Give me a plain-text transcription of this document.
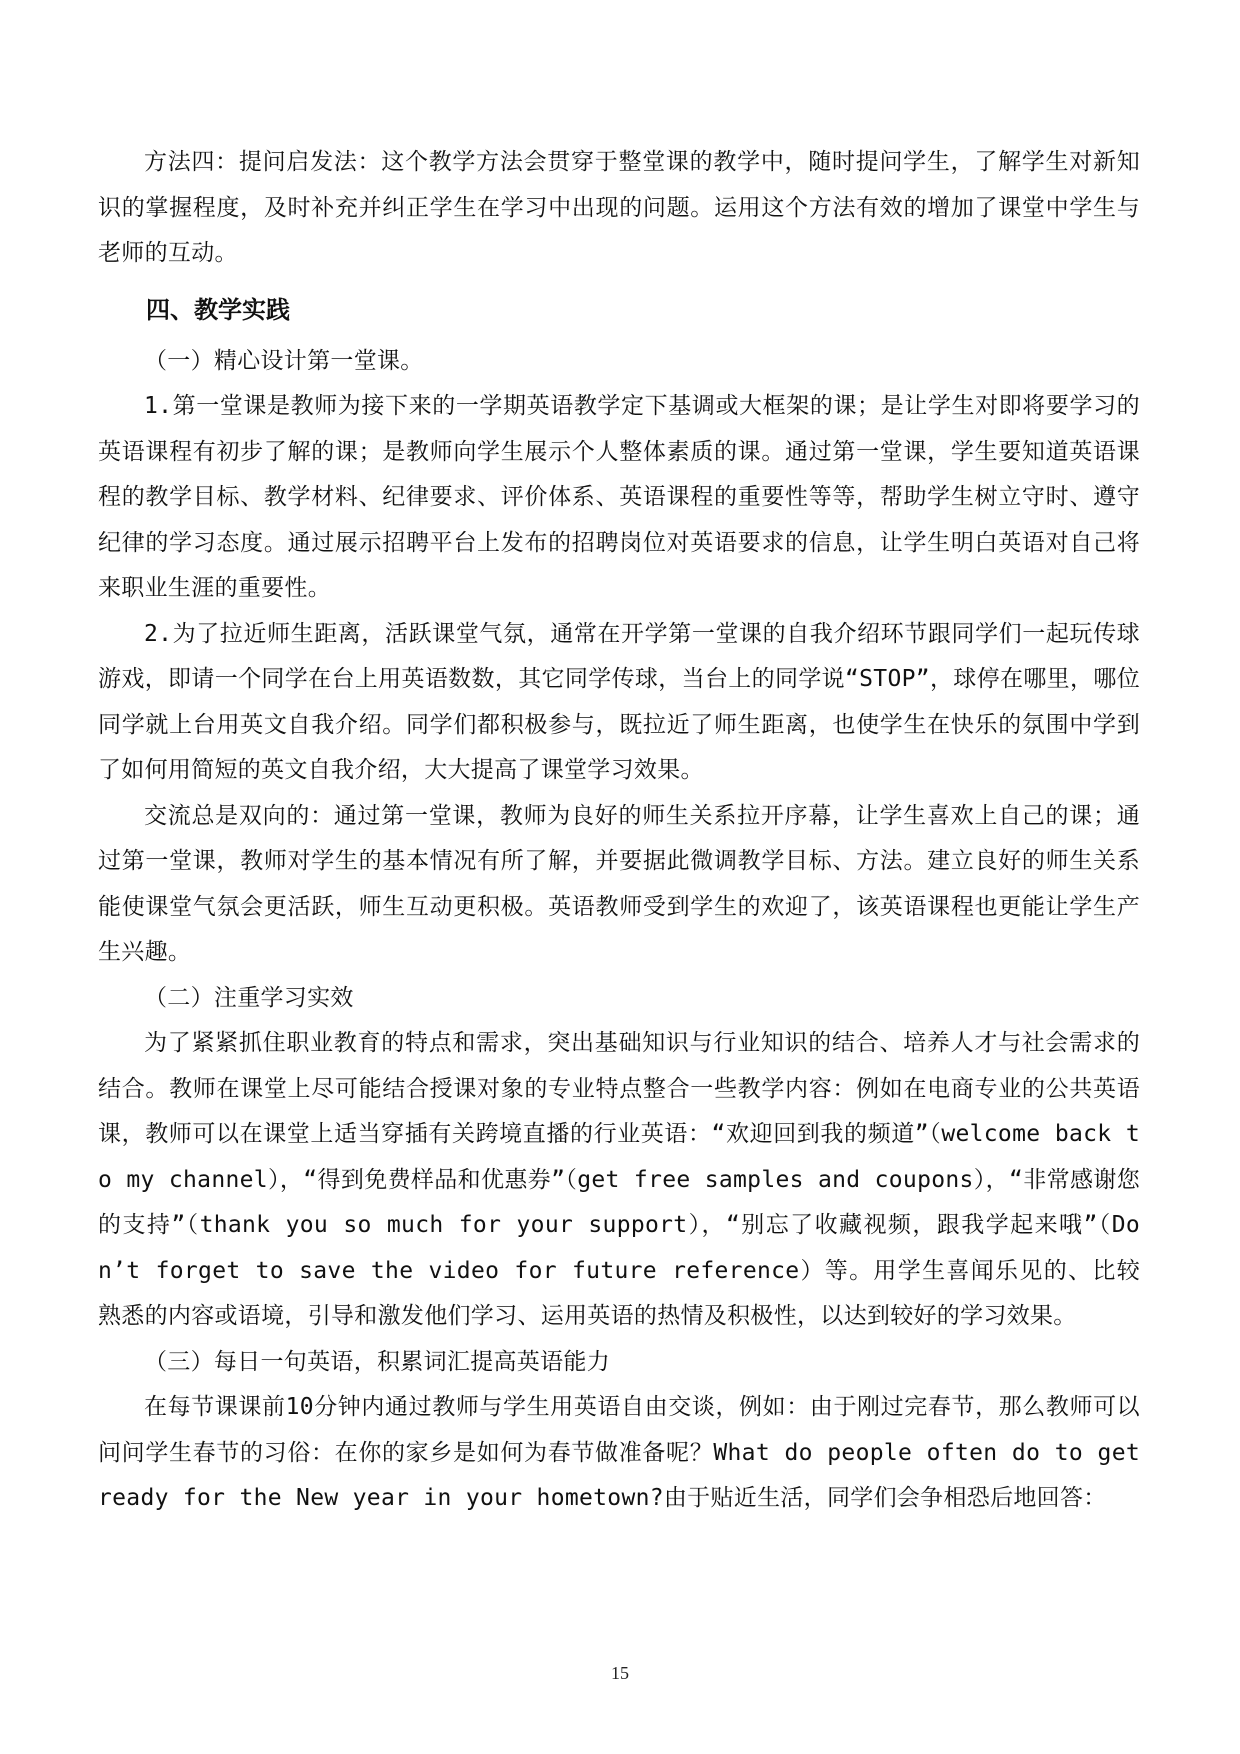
方法四：提问启发法：这个教学方法会贯穿于整堂课的教学中，随时提问学生，了解学生对新知识的掌握程度，及时补充并纠正学生在学习中出现的问题。运用这个方法有效的增加了课堂中学生与老师的互动。

四、教学实践

（一）精心设计第一堂课。

1.第一堂课是教师为接下来的一学期英语教学定下基调或大框架的课；是让学生对即将要学习的英语课程有初步了解的课；是教师向学生展示个人整体素质的课。通过第一堂课，学生要知道英语课程的教学目标、教学材料、纪律要求、评价体系、英语课程的重要性等等，帮助学生树立守时、遵守纪律的学习态度。通过展示招聘平台上发布的招聘岗位对英语要求的信息，让学生明白英语对自己将来职业生涯的重要性。

2.为了拉近师生距离，活跃课堂气氛，通常在开学第一堂课的自我介绍环节跟同学们一起玩传球游戏，即请一个同学在台上用英语数数，其它同学传球，当台上的同学说“STOP”，球停在哪里，哪位同学就上台用英文自我介绍。同学们都积极参与，既拉近了师生距离，也使学生在快乐的氛围中学到了如何用简短的英文自我介绍，大大提高了课堂学习效果。

交流总是双向的：通过第一堂课，教师为良好的师生关系拉开序幕，让学生喜欢上自己的课；通过第一堂课，教师对学生的基本情况有所了解，并要据此微调教学目标、方法。建立良好的师生关系能使课堂气氛会更活跃，师生互动更积极。英语教师受到学生的欢迎了，该英语课程也更能让学生产生兴趣。

（二）注重学习实效

为了紧紧抓住职业教育的特点和需求，突出基础知识与行业知识的结合、培养人才与社会需求的结合。教师在课堂上尽可能结合授课对象的专业特点整合一些教学内容：例如在电商专业的公共英语课，教师可以在课堂上适当穿插有关跨境直播的行业英语：“欢迎回到我的频道”（welcome back to my channel），“得到免费样品和优惠券”（get free samples and coupons），“非常感谢您的支持”（thank you so much for your support），“别忘了收藏视频，跟我学起来哦”（Don’t forget to save the video for future reference）等。用学生喜闻乐见的、比较熟悉的内容或语境，引导和激发他们学习、运用英语的热情及积极性，以达到较好的学习效果。

（三）每日一句英语，积累词汇提高英语能力

在每节课课前10分钟内通过教师与学生用英语自由交谈，例如：由于刚过完春节，那么教师可以问问学生春节的习俗：在你的家乡是如何为春节做准备呢？What do people often do to get ready for the New year in your hometown?由于贴近生活，同学们会争相恐后地回答：

15
